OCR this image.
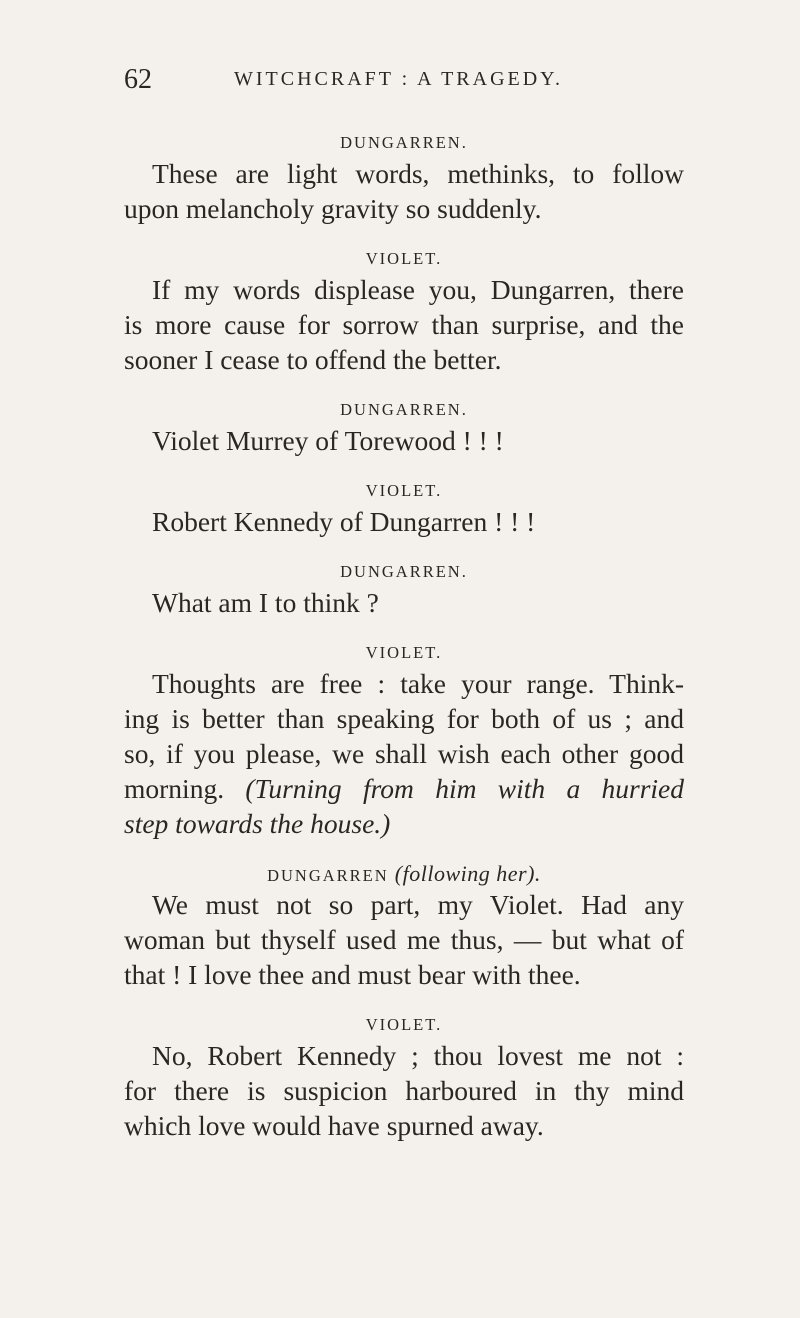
62	WITCHCRAFT : A TRAGEDY.

DUNGARREN.

These are light words, methinks, to follow
upon melancholy gravity so suddenly.

VIOLET.

If my words displease you, Dungarren, there
is more cause for sorrow than surprise, and the
sooner I cease to offend the better.

DUNGARREN.

Violet Murrey of Torewood ! ! !

VIOLET.

Robert Kennedy of Dungarren ! ! !

DUNGARREN.

What am I to think ?

VIOLET.

Thoughts are free : take your range. Think-
ing is better than speaking for both of us ; and
so, if you please, we shall wish each other good
morning. (Turning from him with a hurried
step towards the house.)

DUNGARREN (following her).

We must not so part, my Violet. Had any
woman but thyself used me thus, — but what of
that ! I love thee and must bear with thee.

VIOLET.

No, Robert Kennedy ; thou lovest me not :
for there is suspicion harboured in thy mind
which love would have spurned away.
